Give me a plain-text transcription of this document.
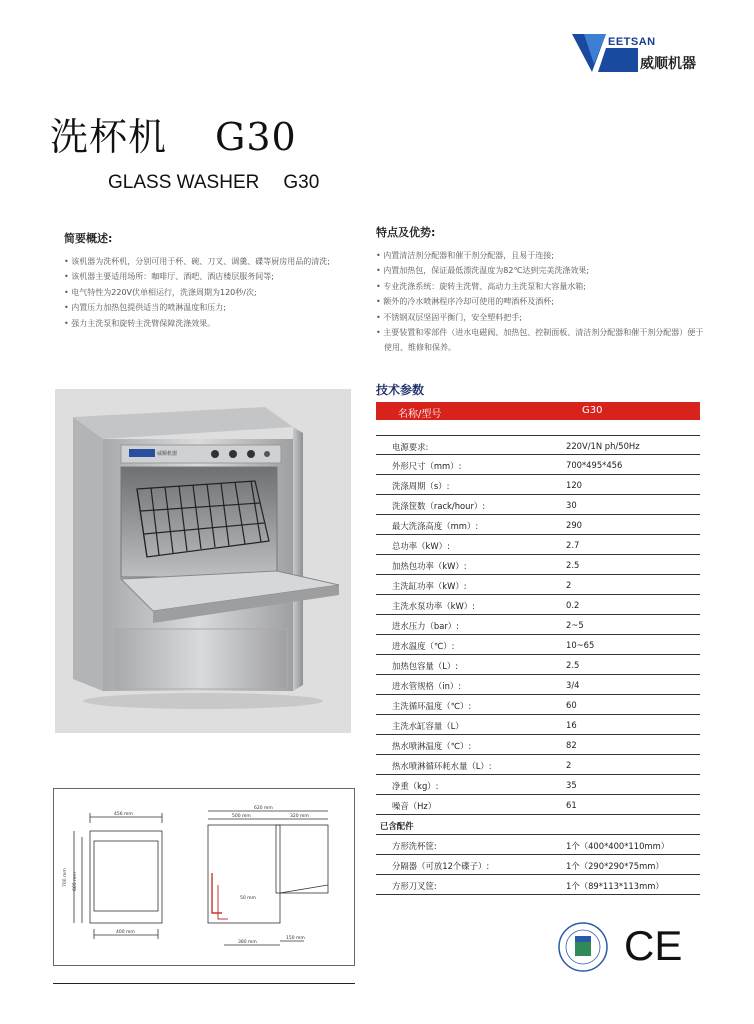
EETSAN
威顺机器
洗杯机 G30
GLASS WASHER G30
简要概述:
• 该机器为洗杯机，分别可用于杯、碗、刀叉、调羹、碟等厨房用品的清洗;
• 该机器主要适用场所：咖啡厅、酒吧、酒店楼层服务间等;
• 电气特性为220V伏单相运行，洗涤周期为120秒/次;
• 内置压力加热包提供适当的喷淋温度和压力;
• 强力主洗泵和旋转主洗臂保障洗涤效果。
特点及优势:
• 内置清洁剂分配器和催干剂分配器，且易于连接;
• 内置加热包，保证最低漂洗温度为82℃达到完美洗涤效果;
• 专业洗涤系统：旋转主洗臂、高动力主洗泵和大容量水箱;
• 额外的冷水喷淋程序冷却可使用的啤酒杯及酒杯;
• 不锈钢双层坚固平衡门，安全塑料把手;
• 主要装置和零部件（进水电磁阀、加热包、控制面板、清洁剂分配器和催干剂分配器）便于使用、维修和保养。
威顺机器
技术参数
名称/型号	G30
电源要求:	220V/1N ph/50Hz
外形尺寸（mm）:	700*495*456
洗涤周期（s）:	120
洗涤筐数（rack/hour）:	30
最大洗涤高度（mm）:	290
总功率（kW）:	2.7
加热包功率（kW）:	2.5
主洗缸功率（kW）:	2
主洗水泵功率（kW）:	0.2
进水压力（bar）:	2~5
进水温度（℃）:	10~65
加热包容量（L）:	2.5
进水管规格（in）:	3/4
主洗循环温度（℃）:	60
主洗水缸容量（L）	16
热水喷淋温度（℃）:	82
热水喷淋循环耗水量（L）:	2
净重（kg）:	35
噪音（Hz）	61
已含配件
方形洗杯筐:	1个（400*400*110mm）
分隔器（可放12个碟子）:	1个（290*290*75mm）
方形刀叉筐:	1个（89*113*113mm）
456 mm
620 mm
500 mm	320 mm
700 mm 665 mm
400 mm
380 mm
150 mm
50 mm
CE
